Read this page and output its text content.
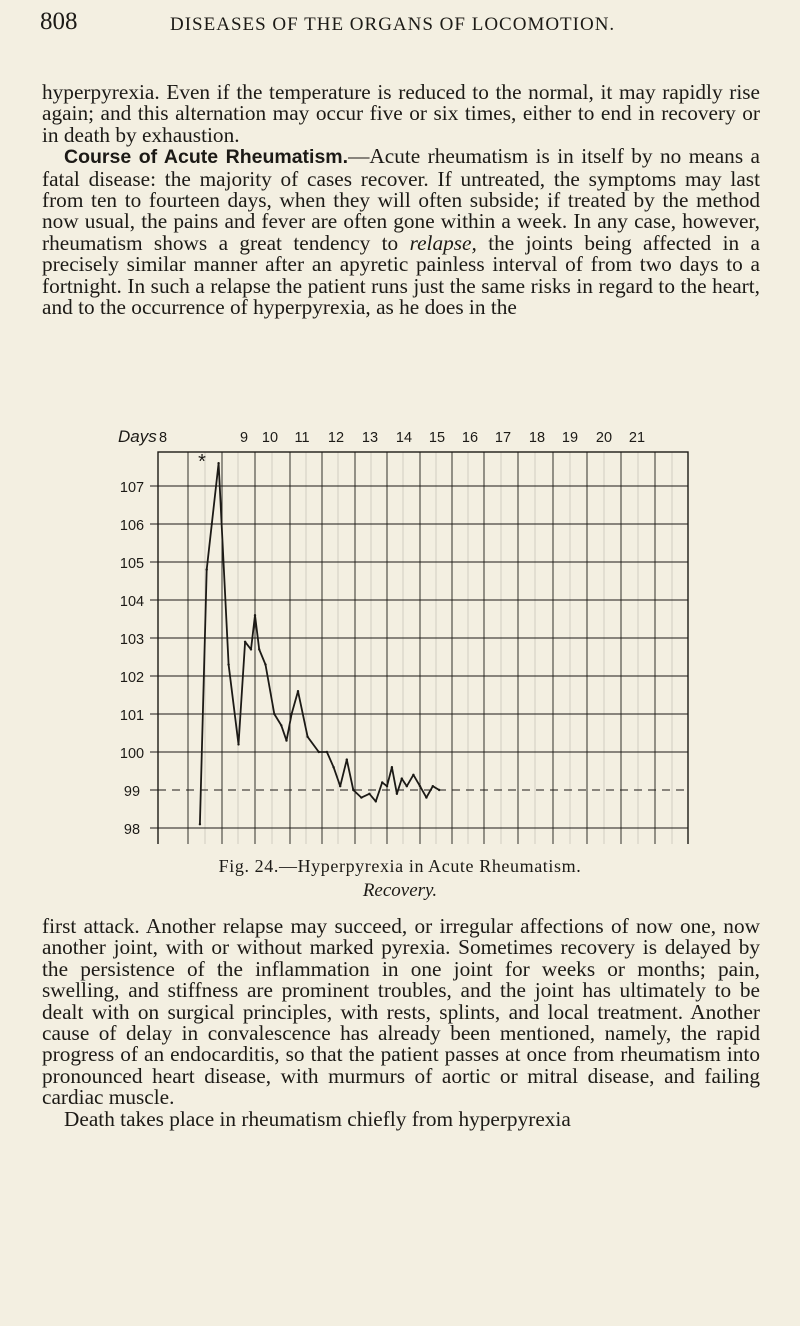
808	DISEASES OF THE ORGANS OF LOCOMOTION.

hyperpyrexia. Even if the temperature is reduced to the normal, it may rapidly rise again; and this alternation may occur five or six times, either to end in recovery or in death by exhaustion.

Course of Acute Rheumatism.—Acute rheumatism is in itself by no means a fatal disease: the majority of cases recover. If untreated, the symptoms may last from ten to fourteen days, when they will often subside; if treated by the method now usual, the pains and fever are often gone within a week. In any case, however, rheumatism shows a great tendency to relapse, the joints being affected in a precisely similar manner after an apyretic painless interval of from two days to a fortnight. In such a relapse the patient runs just the same risks in regard to the heart, and to the occurrence of hyperpyrexia, as he does in the

Days 8	9 10 11 12 13 14 15 16 17 18 19 20 21
107
106
105
104
103
102
101
100
99
98
*
Fig. 24.—Hyperpyrexia in Acute Rheumatism.
Recovery.

first attack. Another relapse may succeed, or irregular affections of now one, now another joint, with or without marked pyrexia. Sometimes recovery is delayed by the persistence of the inflammation in one joint for weeks or months; pain, swelling, and stiffness are prominent troubles, and the joint has ultimately to be dealt with on surgical principles, with rests, splints, and local treatment. Another cause of delay in convalescence has already been mentioned, namely, the rapid progress of an endocarditis, so that the patient passes at once from rheumatism into pronounced heart disease, with murmurs of aortic or mitral disease, and failing cardiac muscle.

Death takes place in rheumatism chiefly from hyperpyrexia
